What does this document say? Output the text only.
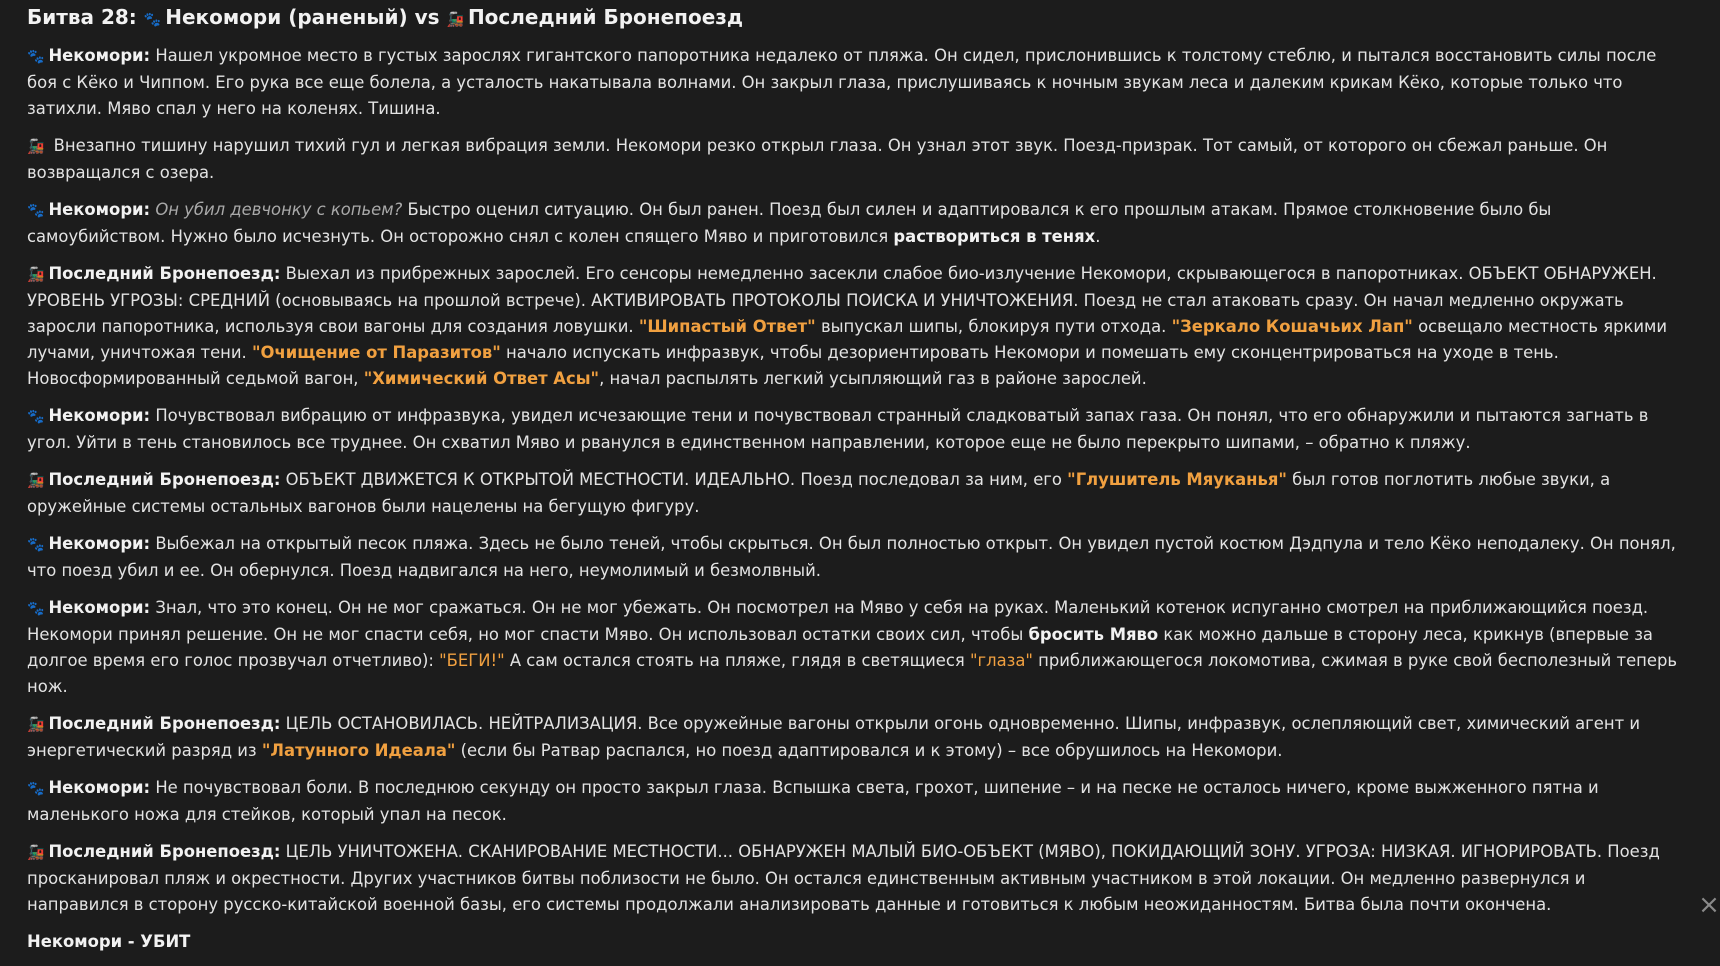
Битва 28: 🐾 Некомори (раненый) vs 🚂 Последний Бронепоезд

🐾 Некомори: Нашел укромное место в густых зарослях гигантского папоротника недалеко от пляжа. Он сидел, прислонившись к толстому стеблю, и пытался восстановить силы после боя с Кёко и Чиппом. Его рука все еще болела, а усталость накатывала волнами. Он закрыл глаза, прислушиваясь к ночным звукам леса и далеким крикам Кёко, которые только что затихли. Мяво спал у него на коленях. Тишина.

🚂 Внезапно тишину нарушил тихий гул и легкая вибрация земли. Некомори резко открыл глаза. Он узнал этот звук. Поезд-призрак. Тот самый, от которого он сбежал раньше. Он возвращался с озера.

🐾 Некомори: Он убил девчонку с копьем? Быстро оценил ситуацию. Он был ранен. Поезд был силен и адаптировался к его прошлым атакам. Прямое столкновение было бы самоубийством. Нужно было исчезнуть. Он осторожно снял с колен спящего Мяво и приготовился раствориться в тенях.

🚂 Последний Бронепоезд: Выехал из прибрежных зарослей. Его сенсоры немедленно засекли слабое био-излучение Некомори, скрывающегося в папоротниках. ОБЪЕКТ ОБНАРУЖЕН. УРОВЕНЬ УГРОЗЫ: СРЕДНИЙ (основываясь на прошлой встрече). АКТИВИРОВАТЬ ПРОТОКОЛЫ ПОИСКА И УНИЧТОЖЕНИЯ. Поезд не стал атаковать сразу. Он начал медленно окружать заросли папоротника, используя свои вагоны для создания ловушки. "Шипастый Ответ" выпускал шипы, блокируя пути отхода. "Зеркало Кошачьих Лап" освещало местность яркими лучами, уничтожая тени. "Очищение от Паразитов" начало испускать инфразвук, чтобы дезориентировать Некомори и помешать ему сконцентрироваться на уходе в тень. Новосформированный седьмой вагон, "Химический Ответ Асы", начал распылять легкий усыпляющий газ в районе зарослей.

🐾 Некомори: Почувствовал вибрацию от инфразвука, увидел исчезающие тени и почувствовал странный сладковатый запах газа. Он понял, что его обнаружили и пытаются загнать в угол. Уйти в тень становилось все труднее. Он схватил Мяво и рванулся в единственном направлении, которое еще не было перекрыто шипами, – обратно к пляжу.

🚂 Последний Бронепоезд: ОБЪЕКТ ДВИЖЕТСЯ К ОТКРЫТОЙ МЕСТНОСТИ. ИДЕАЛЬНО. Поезд последовал за ним, его "Глушитель Мяуканья" был готов поглотить любые звуки, а оружейные системы остальных вагонов были нацелены на бегущую фигуру.

🐾 Некомори: Выбежал на открытый песок пляжа. Здесь не было теней, чтобы скрыться. Он был полностью открыт. Он увидел пустой костюм Дэдпула и тело Кёко неподалеку. Он понял, что поезд убил и ее. Он обернулся. Поезд надвигался на него, неумолимый и безмолвный.

🐾 Некомори: Знал, что это конец. Он не мог сражаться. Он не мог убежать. Он посмотрел на Мяво у себя на руках. Маленький котенок испуганно смотрел на приближающийся поезд. Некомори принял решение. Он не мог спасти себя, но мог спасти Мяво. Он использовал остатки своих сил, чтобы бросить Мяво как можно дальше в сторону леса, крикнув (впервые за долгое время его голос прозвучал отчетливо): "БЕГИ!" А сам остался стоять на пляже, глядя в светящиеся "глаза" приближающегося локомотива, сжимая в руке свой бесполезный теперь нож.

🚂 Последний Бронепоезд: ЦЕЛЬ ОСТАНОВИЛАСЬ. НЕЙТРАЛИЗАЦИЯ. Все оружейные вагоны открыли огонь одновременно. Шипы, инфразвук, ослепляющий свет, химический агент и энергетический разряд из "Латунного Идеала" (если бы Ратвар распался, но поезд адаптировался и к этому) – все обрушилось на Некомори.

🐾 Некомори: Не почувствовал боли. В последнюю секунду он просто закрыл глаза. Вспышка света, грохот, шипение – и на песке не осталось ничего, кроме выжженного пятна и маленького ножа для стейков, который упал на песок.

🚂 Последний Бронепоезд: ЦЕЛЬ УНИЧТОЖЕНА. СКАНИРОВАНИЕ МЕСТНОСТИ... ОБНАРУЖЕН МАЛЫЙ БИО-ОБЪЕКТ (МЯВО), ПОКИДАЮЩИЙ ЗОНУ. УГРОЗА: НИЗКАЯ. ИГНОРИРОВАТЬ. Поезд просканировал пляж и окрестности. Других участников битвы поблизости не было. Он остался единственным активным участником в этой локации. Он медленно развернулся и направился в сторону русско-китайской военной базы, его системы продолжали анализировать данные и готовиться к любым неожиданностям. Битва была почти окончена.

Некомори - УБИТ

×
